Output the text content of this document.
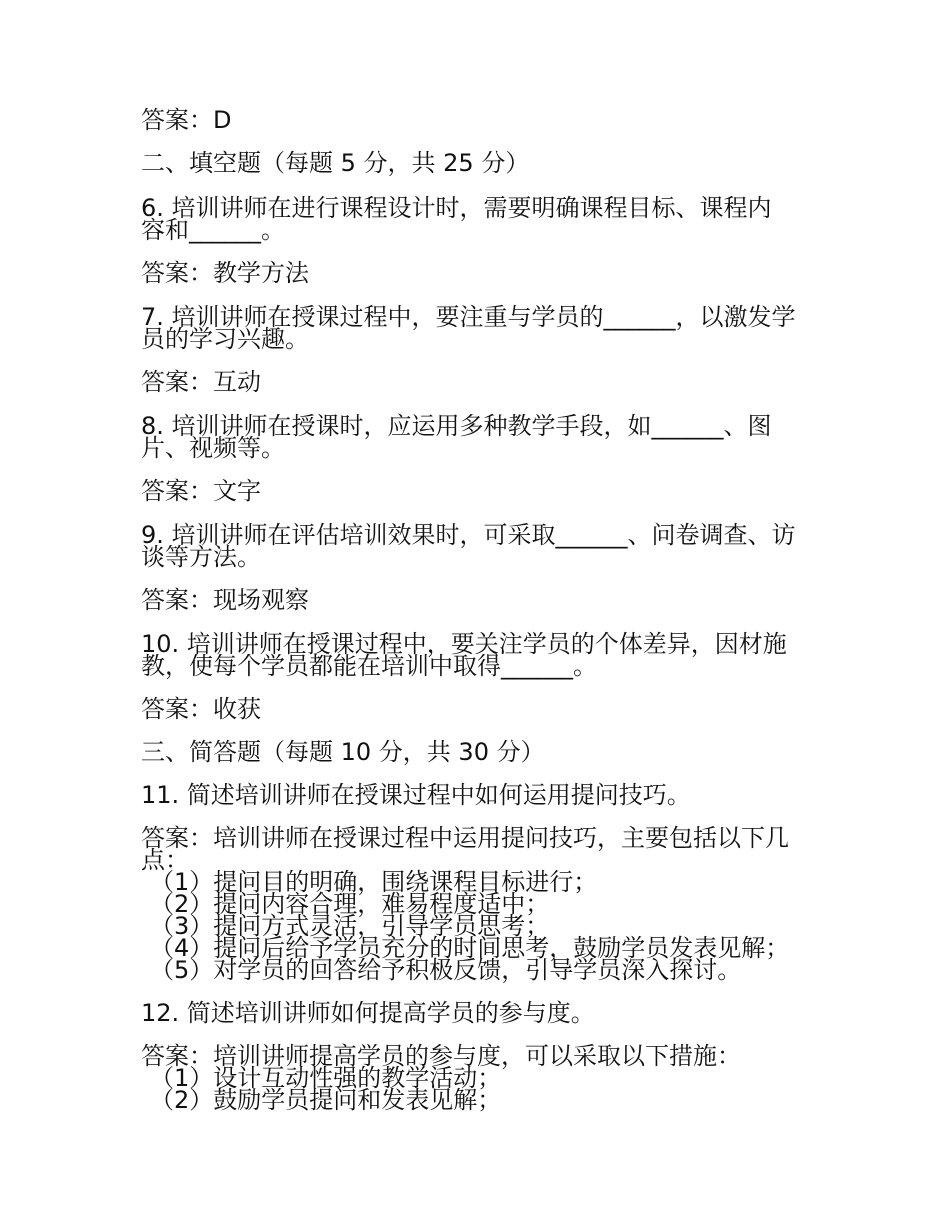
答案：D
二、填空题（每题 5 分，共 25 分）
6. 培训讲师在进行课程设计时，需要明确课程目标、课程内
容和______。
答案：教学方法
7. 培训讲师在授课过程中，要注重与学员的______，以激发学
员的学习兴趣。
答案：互动
8. 培训讲师在授课时，应运用多种教学手段，如______、图
片、视频等。
答案：文字
9. 培训讲师在评估培训效果时，可采取______、问卷调查、访
谈等方法。
答案：现场观察
10. 培训讲师在授课过程中，要关注学员的个体差异，因材施
教，使每个学员都能在培训中取得______。
答案：收获
三、简答题（每题 10 分，共 30 分）
11. 简述培训讲师在授课过程中如何运用提问技巧。
答案：培训讲师在授课过程中运用提问技巧，主要包括以下几
点：
（1）提问目的明确，围绕课程目标进行；
（2）提问内容合理，难易程度适中；
（3）提问方式灵活，引导学员思考；
（4）提问后给予学员充分的时间思考，鼓励学员发表见解；
（5）对学员的回答给予积极反馈，引导学员深入探讨。
12. 简述培训讲师如何提高学员的参与度。
答案：培训讲师提高学员的参与度，可以采取以下措施：
（1）设计互动性强的教学活动；
（2）鼓励学员提问和发表见解；
